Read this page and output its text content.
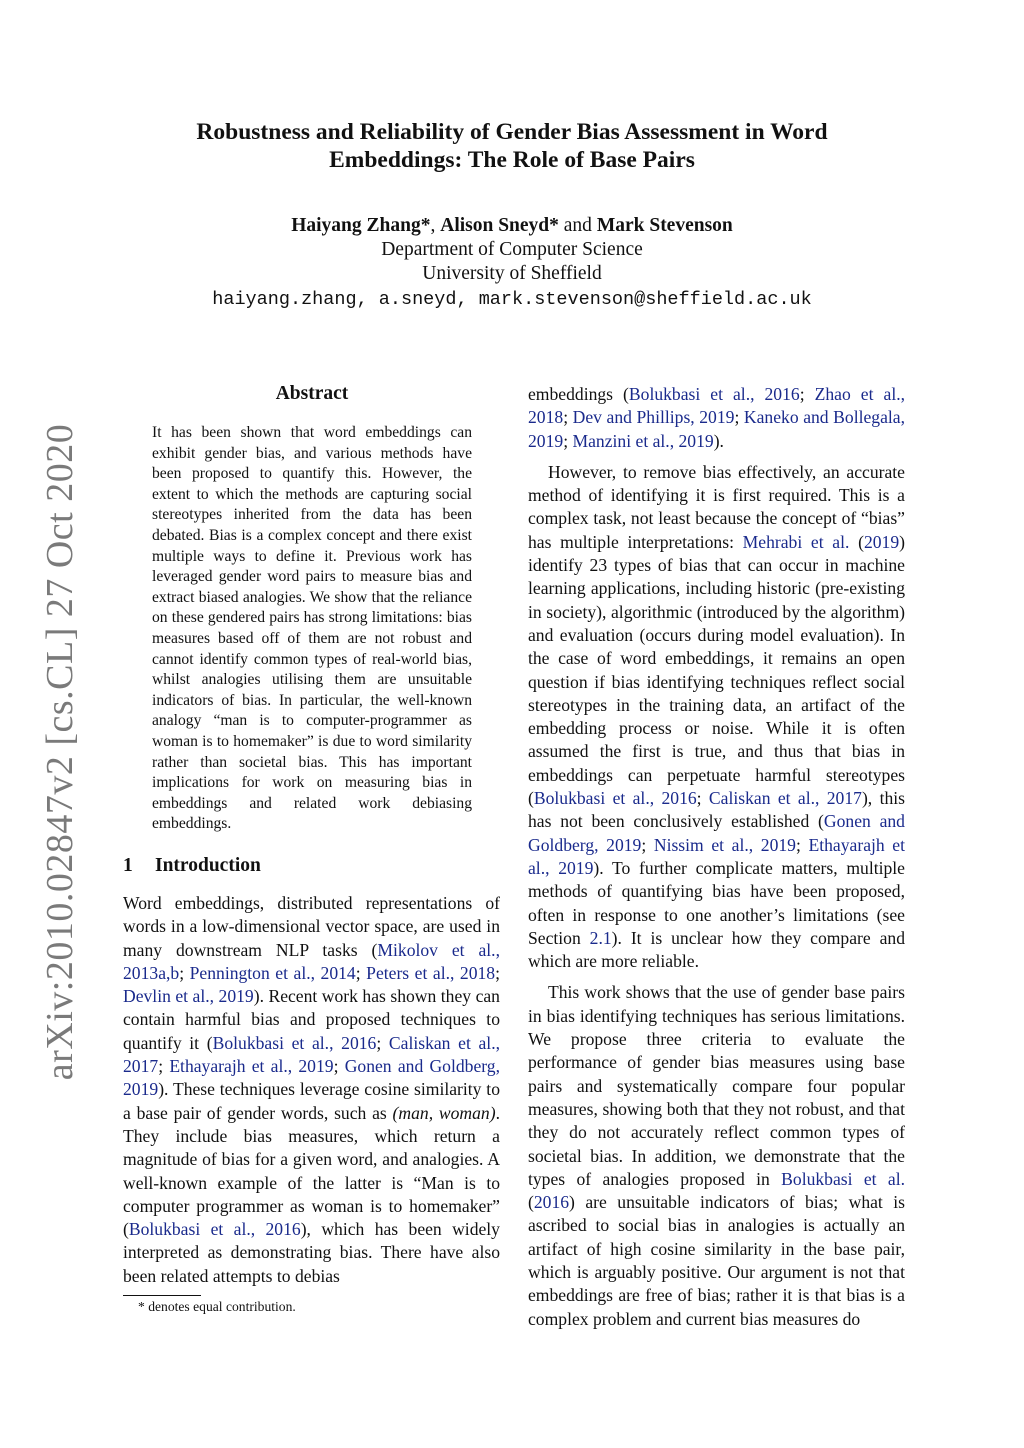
arXiv:2010.02847v2 [cs.CL] 27 Oct 2020
Robustness and Reliability of Gender Bias Assessment in Word
Embeddings: The Role of Base Pairs
Haiyang Zhang*, Alison Sneyd* and Mark Stevenson
Department of Computer Science
University of Sheffield
haiyang.zhang, a.sneyd, mark.stevenson@sheffield.ac.uk
Abstract
It has been shown that word embeddings can exhibit gender bias, and various methods have been proposed to quantify this. However, the extent to which the methods are capturing social stereotypes inherited from the data has been debated. Bias is a complex concept and there exist multiple ways to define it. Previous work has leveraged gender word pairs to measure bias and extract biased analogies. We show that the reliance on these gendered pairs has strong limitations: bias measures based off of them are not robust and cannot identify common types of real-world bias, whilst analogies utilising them are unsuitable indicators of bias. In particular, the well-known analogy “man is to computer-programmer as woman is to homemaker” is due to word similarity rather than societal bias. This has important implications for work on measuring bias in embeddings and related work debiasing embeddings.
1 Introduction
Word embeddings, distributed representations of words in a low-dimensional vector space, are used in many downstream NLP tasks (Mikolov et al., 2013a,b; Pennington et al., 2014; Peters et al., 2018; Devlin et al., 2019). Recent work has shown they can contain harmful bias and proposed techniques to quantify it (Bolukbasi et al., 2016; Caliskan et al., 2017; Ethayarajh et al., 2019; Gonen and Goldberg, 2019). These techniques leverage cosine similarity to a base pair of gender words, such as (man, woman). They include bias measures, which return a magnitude of bias for a given word, and analogies. A well-known example of the latter is “Man is to computer programmer as woman is to homemaker” (Bolukbasi et al., 2016), which has been widely interpreted as demonstrating bias. There have also been related attempts to debias

embeddings (Bolukbasi et al., 2016; Zhao et al., 2018; Dev and Phillips, 2019; Kaneko and Bollegala, 2019; Manzini et al., 2019).

However, to remove bias effectively, an accurate method of identifying it is first required. This is a complex task, not least because the concept of “bias” has multiple interpretations: Mehrabi et al. (2019) identify 23 types of bias that can occur in machine learning applications, including historic (pre-existing in society), algorithmic (introduced by the algorithm) and evaluation (occurs during model evaluation). In the case of word embeddings, it remains an open question if bias identifying techniques reflect social stereotypes in the training data, an artifact of the embedding process or noise. While it is often assumed the first is true, and thus that bias in embeddings can perpetuate harmful stereotypes (Bolukbasi et al., 2016; Caliskan et al., 2017), this has not been conclusively established (Gonen and Goldberg, 2019; Nissim et al., 2019; Ethayarajh et al., 2019). To further complicate matters, multiple methods of quantifying bias have been proposed, often in response to one another’s limitations (see Section 2.1). It is unclear how they compare and which are more reliable.

This work shows that the use of gender base pairs in bias identifying techniques has serious limitations. We propose three criteria to evaluate the performance of gender bias measures using base pairs and systematically compare four popular measures, showing both that they not robust, and that they do not accurately reflect common types of societal bias. In addition, we demonstrate that the types of analogies proposed in Bolukbasi et al. (2016) are unsuitable indicators of bias; what is ascribed to social bias in analogies is actually an artifact of high cosine similarity in the base pair, which is arguably positive. Our argument is not that embeddings are free of bias; rather it is that bias is a complex problem and current bias measures do

* denotes equal contribution.
